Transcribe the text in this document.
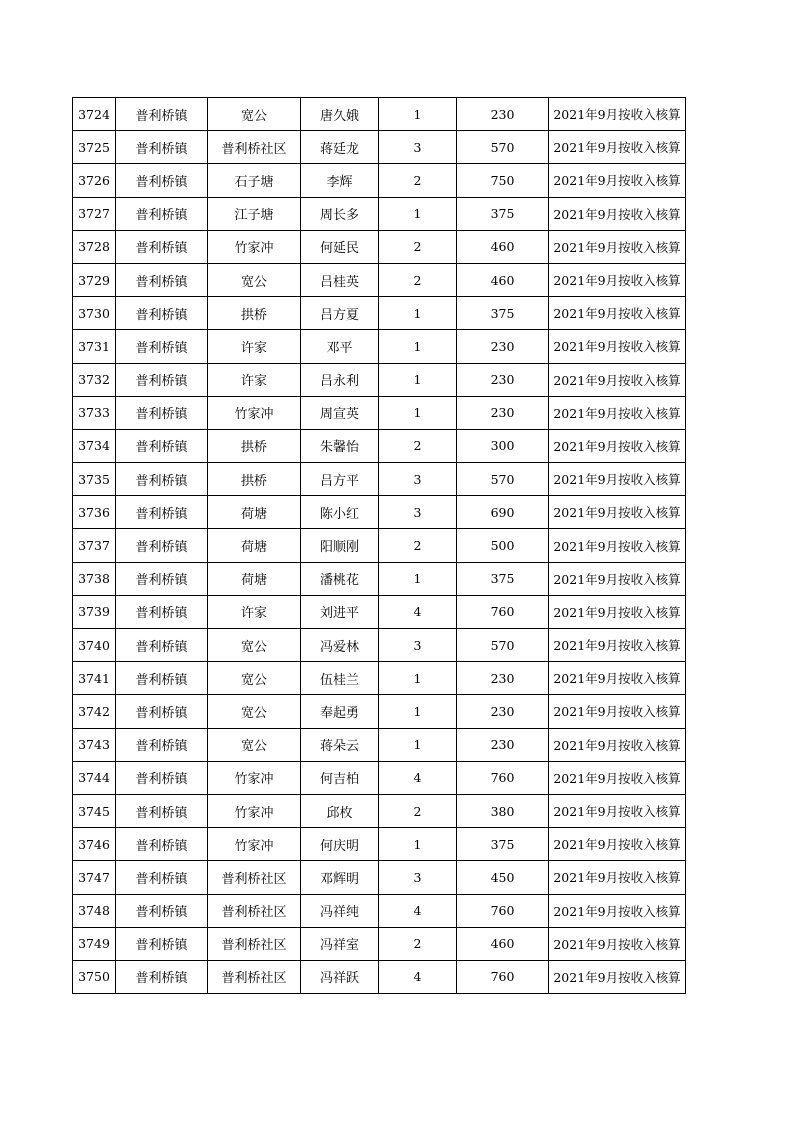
3724	普利桥镇	宽公	唐久娥	1	230	2021年9月按收入核算
3725	普利桥镇	普利桥社区	蒋廷龙	3	570	2021年9月按收入核算
3726	普利桥镇	石子塘	李辉	2	750	2021年9月按收入核算
3727	普利桥镇	江子塘	周长多	1	375	2021年9月按收入核算
3728	普利桥镇	竹家冲	何延民	2	460	2021年9月按收入核算
3729	普利桥镇	宽公	吕桂英	2	460	2021年9月按收入核算
3730	普利桥镇	拱桥	吕方夏	1	375	2021年9月按收入核算
3731	普利桥镇	许家	邓平	1	230	2021年9月按收入核算
3732	普利桥镇	许家	吕永利	1	230	2021年9月按收入核算
3733	普利桥镇	竹家冲	周宣英	1	230	2021年9月按收入核算
3734	普利桥镇	拱桥	朱馨怡	2	300	2021年9月按收入核算
3735	普利桥镇	拱桥	吕方平	3	570	2021年9月按收入核算
3736	普利桥镇	荷塘	陈小红	3	690	2021年9月按收入核算
3737	普利桥镇	荷塘	阳顺刚	2	500	2021年9月按收入核算
3738	普利桥镇	荷塘	潘桃花	1	375	2021年9月按收入核算
3739	普利桥镇	许家	刘进平	4	760	2021年9月按收入核算
3740	普利桥镇	宽公	冯爱林	3	570	2021年9月按收入核算
3741	普利桥镇	宽公	伍桂兰	1	230	2021年9月按收入核算
3742	普利桥镇	宽公	奉起勇	1	230	2021年9月按收入核算
3743	普利桥镇	宽公	蒋朵云	1	230	2021年9月按收入核算
3744	普利桥镇	竹家冲	何吉柏	4	760	2021年9月按收入核算
3745	普利桥镇	竹家冲	邱枚	2	380	2021年9月按收入核算
3746	普利桥镇	竹家冲	何庆明	1	375	2021年9月按收入核算
3747	普利桥镇	普利桥社区	邓辉明	3	450	2021年9月按收入核算
3748	普利桥镇	普利桥社区	冯祥纯	4	760	2021年9月按收入核算
3749	普利桥镇	普利桥社区	冯祥室	2	460	2021年9月按收入核算
3750	普利桥镇	普利桥社区	冯祥跃	4	760	2021年9月按收入核算
